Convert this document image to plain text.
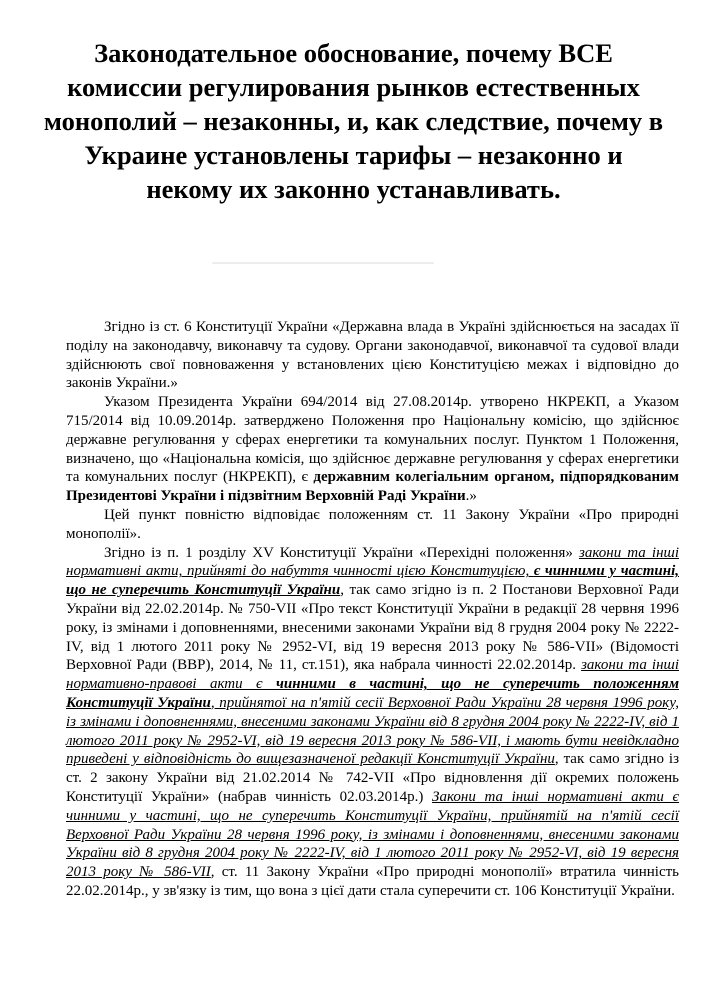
Законодательное обоснование, почему ВСЕ комиссии регулирования рынков естественных монополий – незаконны, и, как следствие, почему в Украине установлены тарифы – незаконно и некому их законно устанавливать.

Згідно із ст. 6 Конституції України «Державна влада в Україні здійснюється на засадах її поділу на законодавчу, виконавчу та судову. Органи законодавчої, виконавчої та судової влади здійснюють свої повноваження у встановлених цією Конституцією межах і відповідно до законів України.»

Указом Президента України 694/2014 від 27.08.2014р. утворено НКРЕКП, а Указом 715/2014 від 10.09.2014р. затверджено Положення про Національну комісію, що здійснює державне регулювання у сферах енергетики та комунальних послуг. Пунктом 1 Положення, визначено, що «Національна комісія, що здійснює державне регулювання у сферах енергетики та комунальних послуг (НКРЕКП), є державним колегіальним органом, підпорядкованим Президентові України і підзвітним Верховній Раді України.»

Цей пункт повністю відповідає положенням ст. 11 Закону України «Про природні монополії».

Згідно із п. 1 розділу XV Конституції України «Перехідні положення» закони та інші нормативні акти, прийняті до набуття чинності цією Конституцією, є чинними у частині, що не суперечить Конституції України, так само згідно із п. 2 Постанови Верховної Ради України від 22.02.2014р. № 750-VII «Про текст Конституції України в редакції 28 червня 1996 року, із змінами і доповненнями, внесеними законами України від 8 грудня 2004 року № 2222-IV, від 1 лютого 2011 року № 2952-VI, від 19 вересня 2013 року № 586-VII» (Відомості Верховної Ради (ВВР), 2014, № 11, ст.151), яка набрала чинності 22.02.2014р. закони та інші нормативно-правові акти є чинними в частині, що не суперечить положенням Конституції України, прийнятої на п'ятій сесії Верховної Ради України 28 червня 1996 року, із змінами і доповненнями, внесеними законами України від 8 грудня 2004 року № 2222-IV, від 1 лютого 2011 року № 2952-VI, від 19 вересня 2013 року № 586-VII, і мають бути невідкладно приведені у відповідність до вищезазначеної редакції Конституції України, так само згідно із ст. 2 закону України від 21.02.2014 № 742-VII «Про відновлення дії окремих положень Конституції України» (набрав чинність 02.03.2014р.) Закони та інші нормативні акти є чинними у частині, що не суперечить Конституції України, прийнятій на п'ятій сесії Верховної Ради України 28 червня 1996 року, із змінами і доповненнями, внесеними законами України від 8 грудня 2004 року № 2222-IV, від 1 лютого 2011 року № 2952-VI, від 19 вересня 2013 року № 586-VII, ст. 11 Закону України «Про природні монополії» втратила чинність 22.02.2014р., у зв'язку із тим, що вона з цієї дати стала суперечити ст. 106 Конституції України.
